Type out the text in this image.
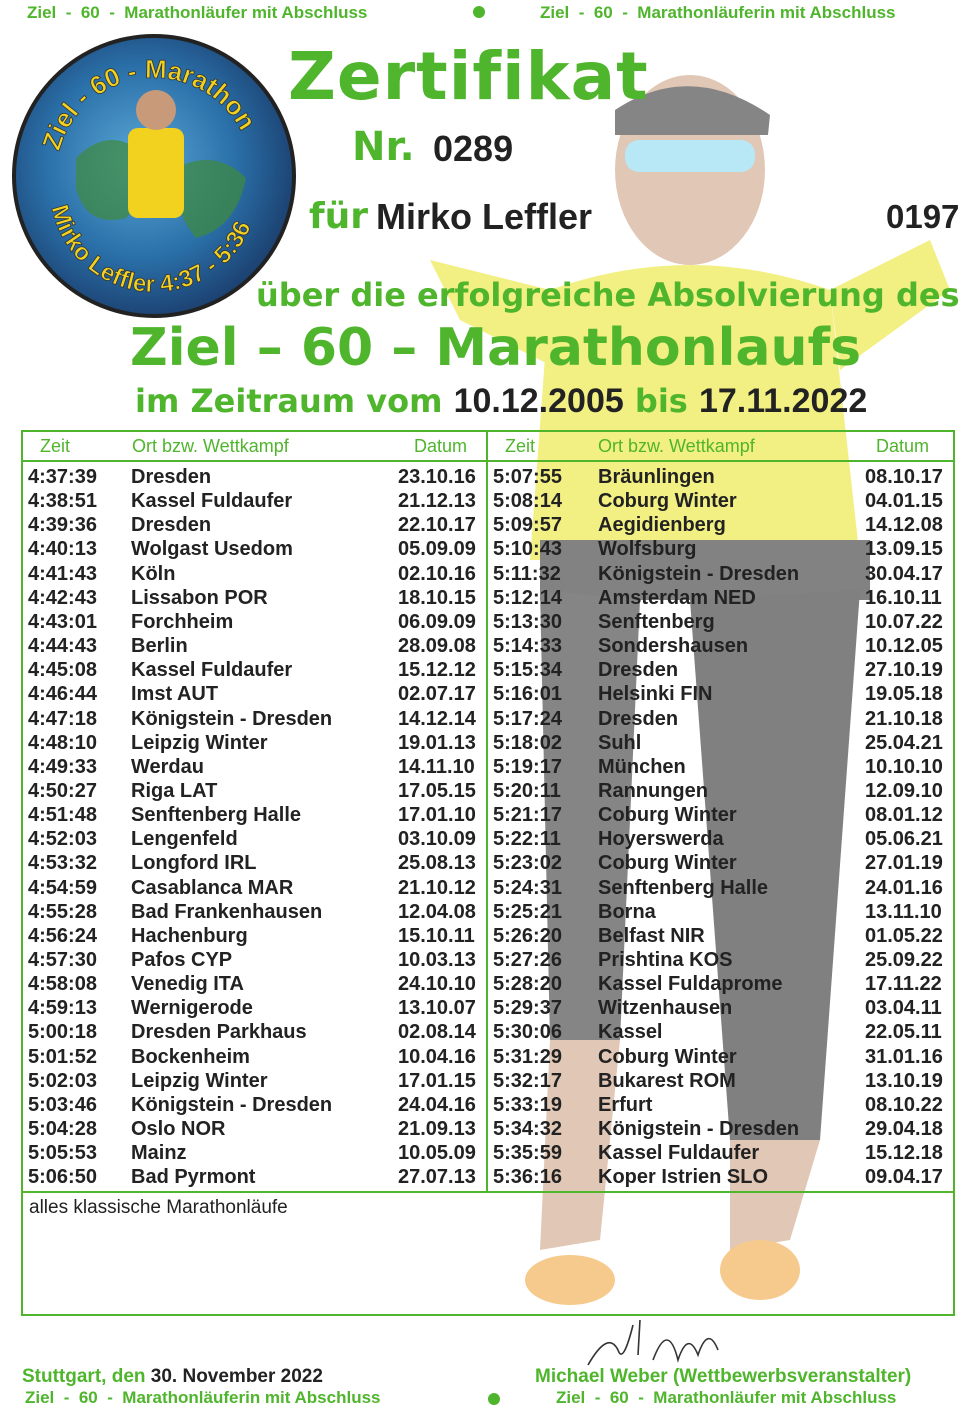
Ziel  -  60  -  Marathonläufer mit Abschluss	Ziel  -  60  -  Marathonläuferin mit Abschluss
Ziel - 60 - Marathon
Mirko Leffler 4:37 - 5:36
Zertifikat
Nr. 0289
für Mirko Leffler	0197
über die erfolgreiche Absolvierung des
Ziel – 60 – Marathonlaufs
im Zeitraum vom 10.12.2005 bis 17.11.2022
Zeit	Ort bzw. Wettkampf	Datum Zeit	Ort bzw. Wettkampf	Datum
4:37:39 Dresden	23.10.16
4:38:51 Kassel Fuldaufer	21.12.13
4:39:36 Dresden	22.10.17
4:40:13 Wolgast Usedom	05.09.09
4:41:43 Köln	02.10.16
4:42:43 Lissabon POR	18.10.15
4:43:01 Forchheim	06.09.09
4:44:43 Berlin	28.09.08
4:45:08 Kassel Fuldaufer	15.12.12
4:46:44 Imst AUT	02.07.17
4:47:18 Königstein - Dresden	14.12.14
4:48:10 Leipzig Winter	19.01.13
4:49:33 Werdau	14.11.10
4:50:27 Riga LAT	17.05.15
4:51:48 Senftenberg Halle	17.01.10
4:52:03 Lengenfeld	03.10.09
4:53:32 Longford IRL	25.08.13
4:54:59 Casablanca MAR	21.10.12
4:55:28 Bad Frankenhausen	12.04.08
4:56:24 Hachenburg	15.10.11
4:57:30 Pafos CYP	10.03.13
4:58:08 Venedig ITA	24.10.10
4:59:13 Wernigerode	13.10.07
5:00:18 Dresden Parkhaus	02.08.14
5:01:52 Bockenheim	10.04.16
5:02:03 Leipzig Winter	17.01.15
5:03:46 Königstein - Dresden	24.04.16
5:04:28 Oslo NOR	21.09.13
5:05:53 Mainz	10.05.09
5:06:50 Bad Pyrmont	27.07.13
5:07:55 Bräunlingen	08.10.17
5:08:14 Coburg Winter	04.01.15
5:09:57 Aegidienberg	14.12.08
5:10:43 Wolfsburg	13.09.15
5:11:32 Königstein - Dresden	30.04.17
5:12:14 Amsterdam NED	16.10.11
5:13:30 Senftenberg	10.07.22
5:14:33 Sondershausen	10.12.05
5:15:34 Dresden	27.10.19
5:16:01 Helsinki FIN	19.05.18
5:17:24 Dresden	21.10.18
5:18:02 Suhl	25.04.21
5:19:17 München	10.10.10
5:20:11 Rannungen	12.09.10
5:21:17 Coburg Winter	08.01.12
5:22:11 Hoyerswerda	05.06.21
5:23:02 Coburg Winter	27.01.19
5:24:31 Senftenberg Halle	24.01.16
5:25:21 Borna	13.11.10
5:26:20 Belfast NIR	01.05.22
5:27:26 Prishtina KOS	25.09.22
5:28:20 Kassel Fuldaprome	17.11.22
5:29:37 Witzenhausen	03.04.11
5:30:06 Kassel	22.05.11
5:31:29 Coburg Winter	31.01.16
5:32:17 Bukarest ROM	13.10.19
5:33:19 Erfurt	08.10.22
5:34:32 Königstein - Dresden	29.04.18
5:35:59 Kassel Fuldaufer	15.12.18
5:36:16 Koper Istrien SLO	09.04.17
alles klassische Marathonläufe
Stuttgart, den 30. November 2022	Michael Weber (Wettbewerbsveranstalter)
Ziel  -  60  -  Marathonläuferin mit Abschluss	Ziel  -  60  -  Marathonläufer mit Abschluss
